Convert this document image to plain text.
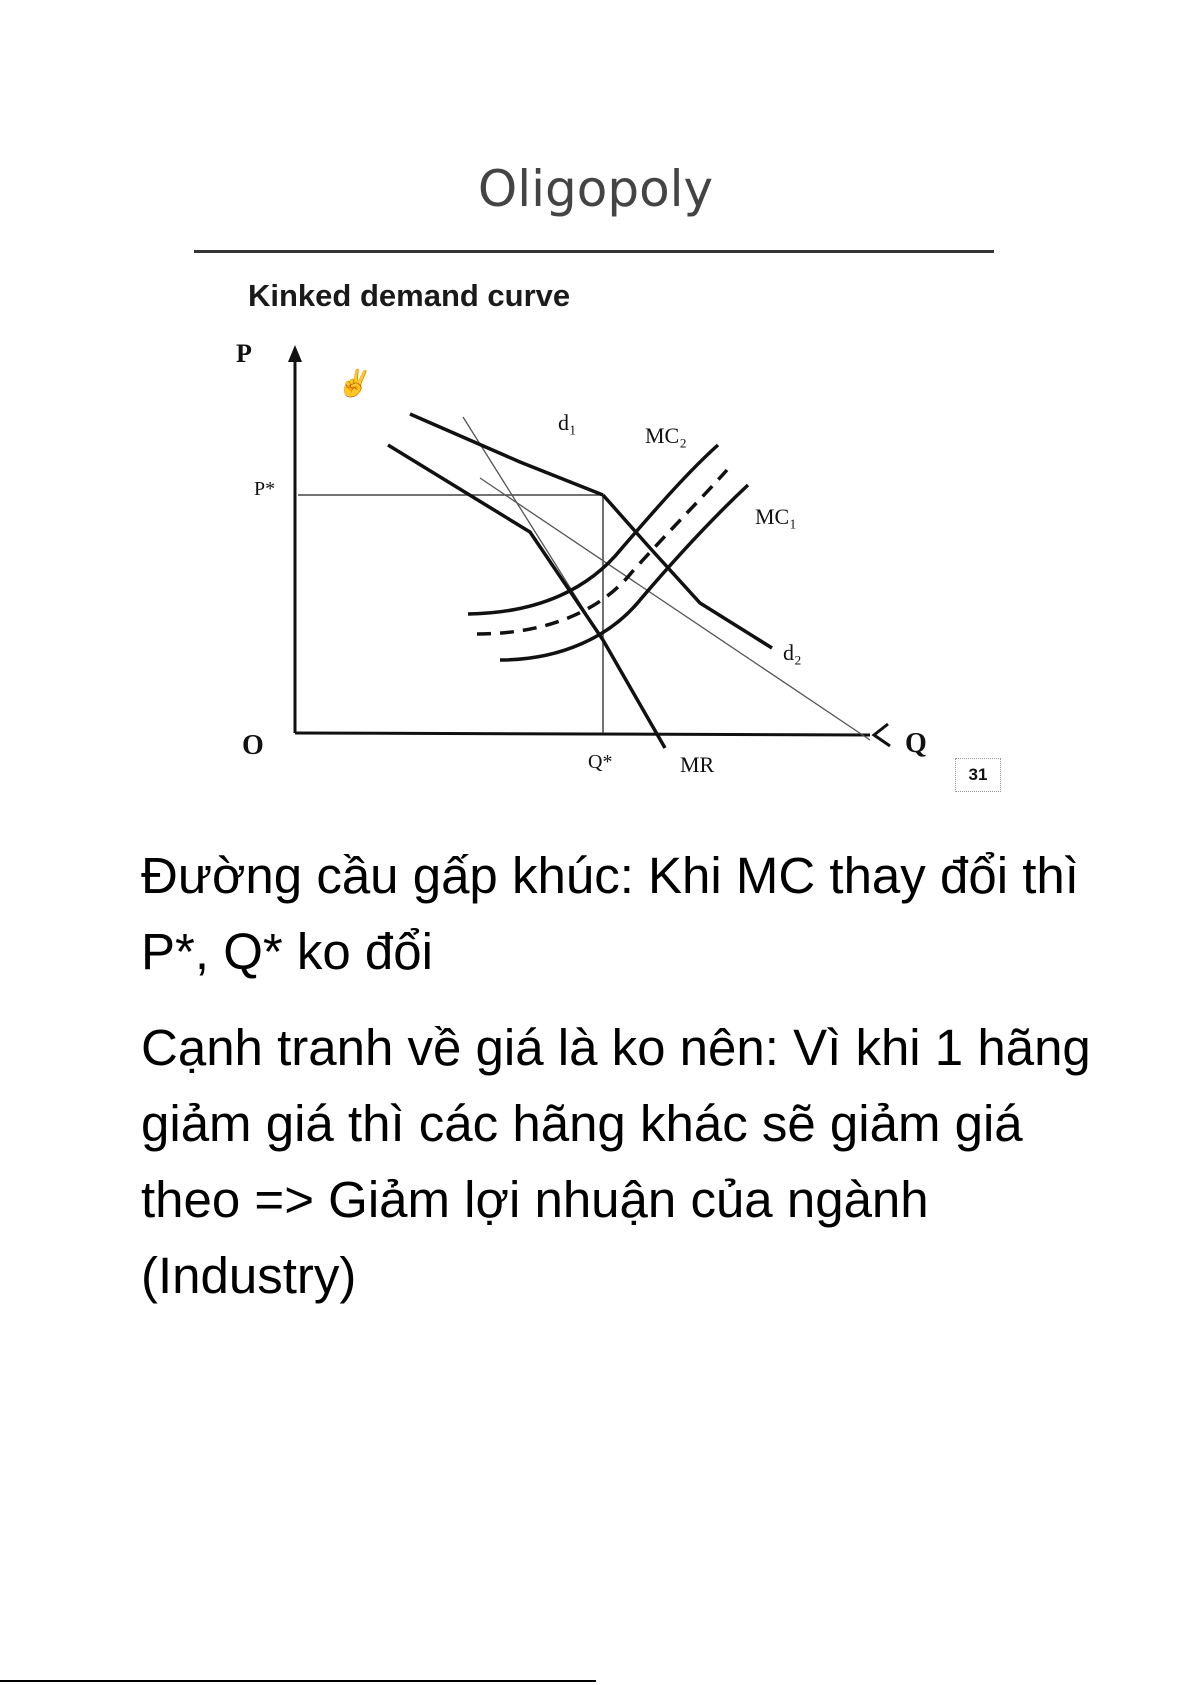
Oligopoly
Kinked demand curve
✌
P
Q
O
P*
Q*
d₁
MC₂
MC₁
d₂
MR	31

Đường cầu gấp khúc: Khi MC thay đổi thì P*, Q* ko đổi

Cạnh tranh về giá là ko nên: Vì khi 1 hãng giảm giá thì các hãng khác sẽ giảm giá theo => Giảm lợi nhuận của ngành (Industry)
